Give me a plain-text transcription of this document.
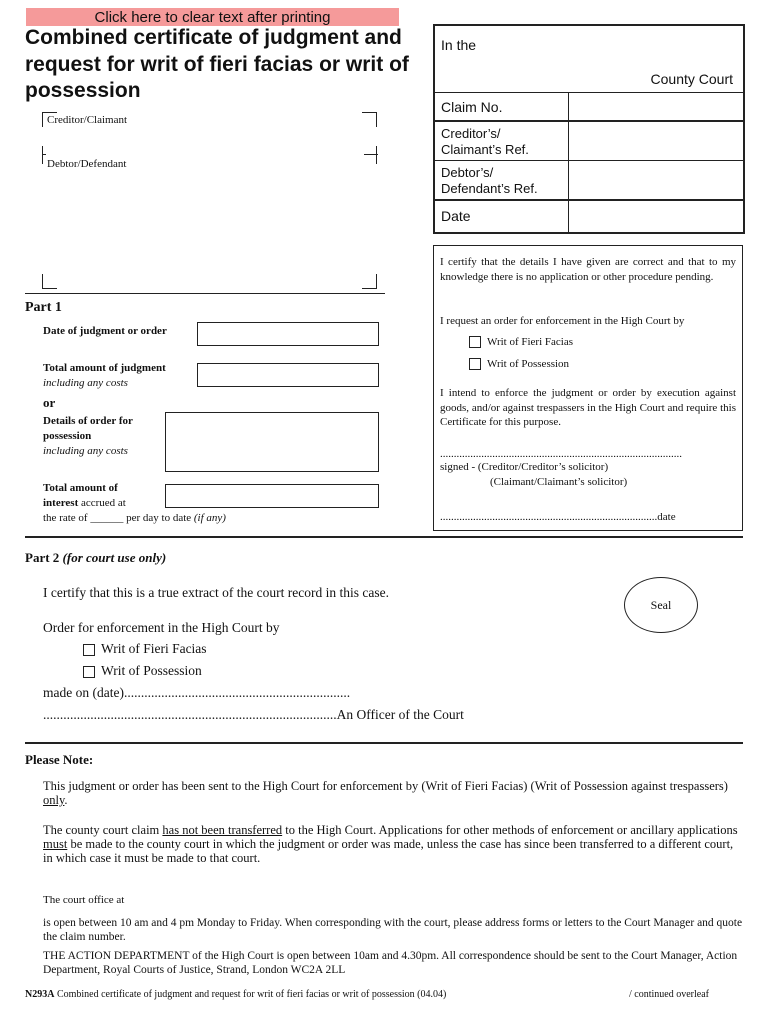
Click here to clear text after printing
Combined certificate of judgment and request for writ of fieri facias or writ of possession
Creditor/Claimant
Debtor/Defendant
In the
County Court
Claim No.
Creditor’s/ Claimant’s Ref.
Debtor’s/ Defendant’s Ref.
Date
Part 1
Date of judgment or order
Total amount of judgment
including any costs
or
Details of order for
possession
including any costs
Total amount of
interest accrued at
the rate of ______ per day to date (if any)

I certify that the details I have given are correct and that to my knowledge there is no application or other procedure pending.

I request an order for enforcement in the High Court by

Writ of Fieri Facias
Writ of Possession

I intend to enforce the judgment or order by execution against goods, and/or against trespassers in the High Court and require this Certificate for this purpose.

........................................................................................

signed - (Creditor/Creditor’s solicitor)

(Claimant/Claimant’s solicitor)

...............................................................................date

Part 2 (for court use only)
I certify that this is a true extract of the court record in this case.
Seal
Order for enforcement in the High Court by
Writ of Fieri Facias
Writ of Possession
made on (date)...................................................................
.......................................................................................An Officer of the Court
Please Note:
This judgment or order has been sent to the High Court for enforcement by (Writ of Fieri Facias) (Writ of Possession against trespassers) only.
The county court claim has not been transferred to the High Court. Applications for other methods of enforcement or ancillary applications must be made to the county court in which the judgment or order was made, unless the case has since been transferred to a different court, in which case it must be made to that court.
The court office at
is open between 10 am and 4 pm Monday to Friday. When corresponding with the court, please address forms or letters to the Court Manager and quote the claim number.
THE ACTION DEPARTMENT of the High Court is open between 10am and 4.30pm. All correspondence should be sent to the Court Manager, Action Department, Royal Courts of Justice, Strand, London WC2A 2LL
N293A Combined certificate of judgment and request for writ of fieri facias or writ of possession (04.04)	/ continued overleaf
